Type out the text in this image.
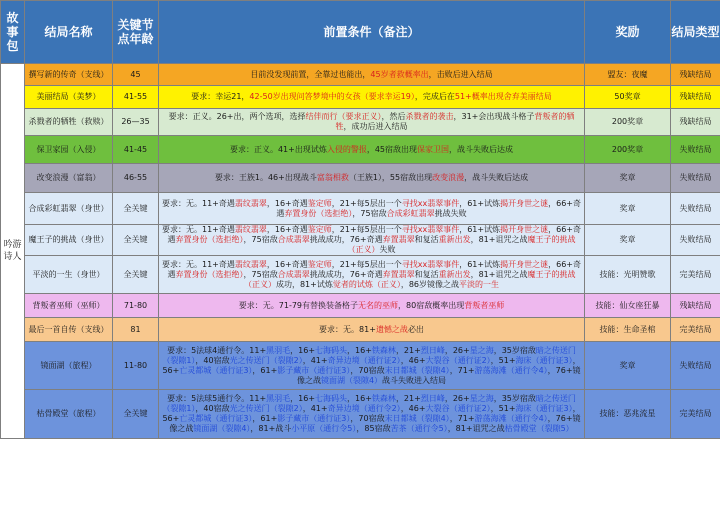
故事包	结局名称	关键节点年龄	前置条件（备注）	奖励	结局类型
吟游诗人	撰写新的传奇（支线）	45	目前没发现前置，全靠过也能出，45岁者救概率出，击败后进入结局	盟友：夜魔	残缺结局
	美丽结局（美梦）	41-55	要求：幸运21，42-50岁出现问答梦境中的女孩（要求幸运19），完成后在51+概率出现舍弃美丽结局	50奖章	残缺结局
	杀戮者的牺牲（救赎）	26—35	要求：正义。26+出，两个选项，选择结伴而行（要求正义），然后杀戮者的袭击，31+会出现战斗格子背叛者的牺牲，成功后进入结局	200奖章	残缺结局
	保卫家园（入侵）	41-45	要求：正义。41+出现试炼入侵的警报，45宿敌出现保家卫国，战斗失败后达成	200奖章	失败结局
	改变浪漫（富翁）	46-55	要求：王族1。46+出现战斗富翁相救（王族1），55宿敌出现改变浪漫，战斗失败后达成	奖章	失败结局
	合成彩虹翡翠（身世）	全关键	要求：无。11+奇遇翡纹翡翠，16+奇遇鉴定师，21+每5层出一个寻找xx翡翠事件，61+试炼揭开身世之谜，66+奇遇弃置身份（选拒绝），75宿敌合成彩虹翡翠挑战失败	奖章	失败结局
	魔王子的挑战（身世）	全关键	要求：无。11+奇遇翡纹翡翠，16+奇遇鉴定师，21+每5层出一个寻找xx翡翠事件，61+试炼揭开身世之谜，66+奇遇弃置身份（选拒绝），75宿敌合成翡翠挑战成功，76+奇遇弃置翡翠和复活重新出发，81+诅咒之战魔王子的挑战（正义）失败	奖章	失败结局
	平淡的一生（身世）	全关键	要求：无。11+奇遇翡纹翡翠，16+奇遇鉴定师，21+每5层出一个寻找xx翡翠事件，61+试炼揭开身世之谜，66+奇遇弃置身份（选拒绝），75宿敌合成翡翠挑战成功，76+奇遇弃置翡翠和复活重新出发，81+诅咒之战魔王子的挑战（正义）成功，81+试炼觉者的试炼（正义），86岁镜像之战平淡的一生	技能：光明赞歌	完美结局
	背叛者巫师（巫师）	71-80	要求：无。71-79有替换装备格子无名的巫师，80宿敌概率出现背叛者巫师	技能：仙女座狂暴	残缺结局
	最后一首自传（支线）	81	要求：无。81+遗憾之战必出	技能：生命圣棺	完美结局
	镜面湖（旅程）	11-80	要求：5法球4通行令。11+黑羽毛，16+七海码头，16+铁森林，21+烈日峰，26+星之海，35岁宿敌暗之传送门（裂隙1），40宿敌光之传送门（裂隙2），41+奇异边境（通行证2），46+大裂谷（通行证2），51+海床（通行证3），56+亡灵都城（通行证3），61+影子藏市（通行证3），70宿敌末日都城（裂隙4），71+游荡海滩（通行令4），76+镜像之战镜面湖（裂隙4）战斗失败进入结局	奖章	失败结局
	枯骨殿堂（旅程）	全关键	要求：5法球5通行令。11+黑羽毛，16+七海码头，16+铁森林，21+烈日峰，26+星之海，35岁宿敌暗之传送门（裂隙1），40宿敌光之传送门（裂隙2），41+奇异边境（通行令2），46+大裂谷（通行证2），51+海床（通行证3），56+亡灵都城（通行证3），61+影子藏市（通行证3），70宿敌末日都城（裂隙4），71+游荡海滩（通行令4），76+镜像之战镜面湖（裂隙4），81+战斗小平原（通行令5），85宿敌苦茶（通行令5），81+诅咒之战枯骨殿堂（裂隙5）	技能：恶兆流星	完美结局
